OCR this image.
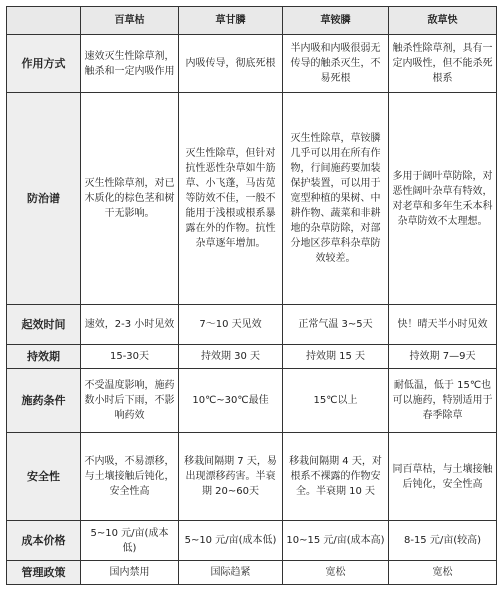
	百草枯	草甘膦	草铵膦	敌草快
作用方式	速效灭生性除草剂，触杀和一定内吸作用	内吸传导，彻底死根	半内吸和内吸很弱无传导的触杀灭生，不易死根	触杀性除草剂，具有一定内吸性，但不能杀死根系
防治谱	灭生性除草剂，对已木质化的棕色茎和树干无影响。	灭生性除草，但针对抗性恶性杂草如牛筋草、小飞蓬，马齿苋等防效不佳，一般不能用于浅根或根系暴露在外的作物。抗性杂草逐年增加。	灭生性除草，草铵膦几乎可以用在所有作物，行间施药要加装保护装置，可以用于宽型种植的果树、中耕作物、蔬菜和非耕地的杂草防除，对部分地区莎草科杂草防效较差。	多用于阔叶草防除，对恶性阔叶杂草有特效，对老草和多年生禾本科杂草防效不太理想。
起效时间	速效，2-3 小时见效	7～10 天见效	正常气温 3~5天	快！晴天半小时见效
持效期	15-30天	持效期 30 天	持效期 15 天	持效期 7—9天
施药条件	不受温度影响，施药数小时后下雨，不影响药效	10℃~30℃最佳	15℃以上	耐低温，低于 15℃也可以施药，特别适用于春季除草
安全性	不内吸，不易漂移，与土壤接触后钝化，安全性高	移栽间隔期 7 天，易出现漂移药害。半衰期 20~60天	移栽间隔期 4 天，对根系不裸露的作物安全。半衰期 10 天	同百草枯，与土壤接触后钝化，安全性高
成本价格	5~10 元/亩(成本低)	5~10 元/亩(成本低)	10~15 元/亩(成本高)	8-15 元/亩(较高)
管理政策	国内禁用	国际趋紧	宽松	宽松
